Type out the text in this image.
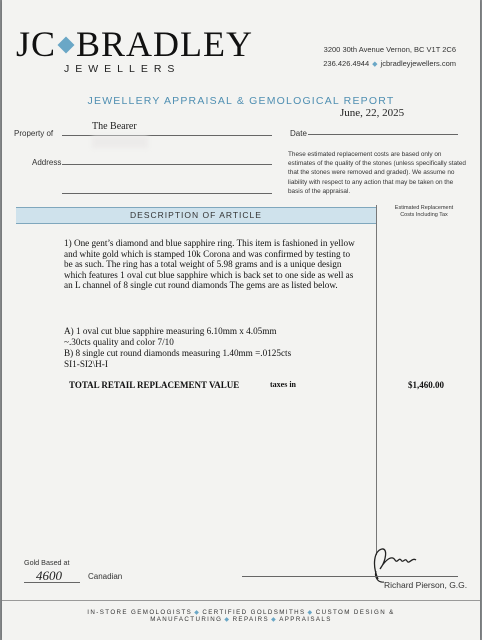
JC BRADLEY
JEWELLERS
3200 30th Avenue Vernon, BC V1T 2C6
236.426.4944 ◆ jcbradleyjewellers.com
JEWELLERY APPRAISAL & GEMOLOGICAL REPORT
June, 22, 2025
Property of
The Bearer
Date
Address
These estimated replacement costs are based only on estimates of the quality of the stones (unless specifically stated that the stones were removed and graded). We assume no liability with respect to any action that may be taken on the basis of the appraisal.
DESCRIPTION OF ARTICLE
Estimated Replacement
Costs Including Tax
1) One gent’s diamond and blue sapphire ring. This item is fashioned in yellow and white gold which is stamped 10k Corona and was confirmed by testing to be as such. The ring has a total weight of 5.98 grams and is a unique design which features 1 oval cut blue sapphire which is back set to one side as well as an L channel of 8 single cut round diamonds The gems are as listed below.
A) 1 oval cut blue sapphire measuring 6.10mm x 4.05mm
~.30cts quality and color 7/10
B) 8 single cut round diamonds measuring 1.40mm =.0125cts
SI1-SI2\H-I
TOTAL RETAIL REPLACEMENT VALUE	taxes in	$1,460.00
Gold Based at
4600	Canadian
Richard Pierson, G.G.
IN-STORE GEMOLOGISTS ◆ CERTIFIED GOLDSMITHS ◆ CUSTOM DESIGN & MANUFACTURING ◆ REPAIRS ◆ APPRAISALS
